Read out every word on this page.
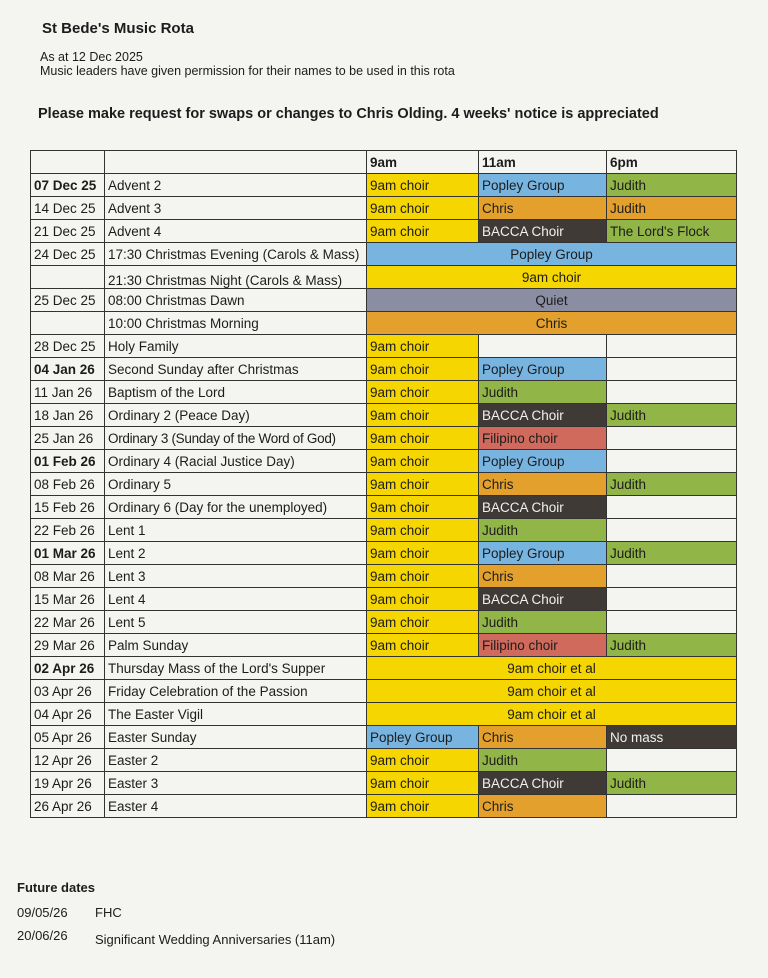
St Bede's Music Rota
As at 12 Dec 2025
Music leaders have given permission for their names to be used in this rota
Please make request for swaps or changes to Chris Olding. 4 weeks' notice is appreciated
		9am	11am	6pm
07 Dec 25	Advent 2	9am choir	Popley Group	Judith
14 Dec 25	Advent 3	9am choir	Chris	Judith
21 Dec 25	Advent 4	9am choir	BACCA Choir	The Lord's Flock
24 Dec 25	17:30 Christmas Evening (Carols & Mass)	Popley Group		
	21:30 Christmas Night (Carols & Mass)	9am choir		
25 Dec 25	08:00 Christmas Dawn	Quiet		
	10:00 Christmas Morning	Chris		
28 Dec 25	Holy Family	9am choir		
04 Jan 26	Second Sunday after Christmas	9am choir	Popley Group	
11 Jan 26	Baptism of the Lord	9am choir	Judith	
18 Jan 26	Ordinary 2 (Peace Day)	9am choir	BACCA Choir	Judith
25 Jan 26	Ordinary 3 (Sunday of the Word of God)	9am choir	Filipino choir	
01 Feb 26	Ordinary 4 (Racial Justice Day)	9am choir	Popley Group	
08 Feb 26	Ordinary 5	9am choir	Chris	Judith
15 Feb 26	Ordinary 6 (Day for the unemployed)	9am choir	BACCA Choir	
22 Feb 26	Lent 1	9am choir	Judith	
01 Mar 26	Lent 2	9am choir	Popley Group	Judith
08 Mar 26	Lent 3	9am choir	Chris	
15 Mar 26	Lent 4	9am choir	BACCA Choir	
22 Mar 26	Lent 5	9am choir	Judith	
29 Mar 26	Palm Sunday	9am choir	Filipino choir	Judith
02 Apr 26	Thursday Mass of the Lord's Supper	9am choir et al		
03 Apr 26	Friday Celebration of the Passion	9am choir et al		
04 Apr 26	The Easter Vigil	9am choir et al		
05 Apr 26	Easter Sunday	Popley Group	Chris	No mass
12 Apr 26	Easter 2	9am choir	Judith	
19 Apr 26	Easter 3	9am choir	BACCA Choir	Judith
26 Apr 26	Easter 4	9am choir	Chris	
Future dates
09/05/26 FHC
20/06/26 Significant Wedding Anniversaries (11am)
